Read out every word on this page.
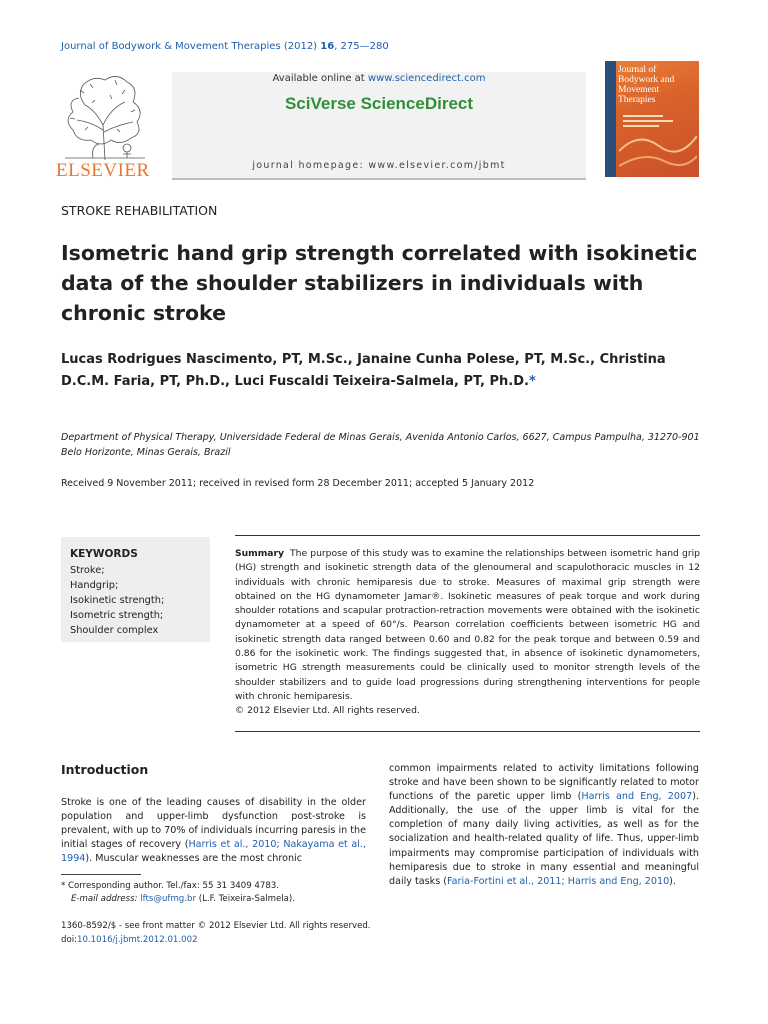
Journal of Bodywork & Movement Therapies (2012) 16, 275—280
ELSEVIER
Available online at www.sciencedirect.com
SciVerse ScienceDirect
journal homepage: www.elsevier.com/jbmt
Journal of Bodywork and Movement Therapies
STROKE REHABILITATION
Isometric hand grip strength correlated with isokinetic data of the shoulder stabilizers in individuals with chronic stroke
Lucas Rodrigues Nascimento, PT, M.Sc., Janaine Cunha Polese, PT, M.Sc., Christina D.C.M. Faria, PT, Ph.D., Luci Fuscaldi Teixeira-Salmela, PT, Ph.D.*
Department of Physical Therapy, Universidade Federal de Minas Gerais, Avenida Antonio Carlos, 6627, Campus Pampulha, 31270-901 Belo Horizonte, Minas Gerais, Brazil
Received 9 November 2011; received in revised form 28 December 2011; accepted 5 January 2012
KEYWORDS
Stroke;
Handgrip;
Isokinetic strength;
Isometric strength;
Shoulder complex
Summary The purpose of this study was to examine the relationships between isometric hand grip (HG) strength and isokinetic strength data of the glenoumeral and scapulothoracic muscles in 12 individuals with chronic hemiparesis due to stroke. Measures of maximal grip strength were obtained on the HG dynamometer Jamar®. Isokinetic measures of peak torque and work during shoulder rotations and scapular protraction-retraction movements were obtained with the isokinetic dynamometer at a speed of 60°/s. Pearson correlation coefficients between isometric HG and isokinetic strength data ranged between 0.60 and 0.82 for the peak torque and between 0.59 and 0.86 for the isokinetic work. The findings suggested that, in absence of isokinetic dynamometers, isometric HG strength measurements could be clinically used to monitor strength levels of the shoulder stabilizers and to guide load progressions during strengthening interventions for people with chronic hemiparesis.
© 2012 Elsevier Ltd. All rights reserved.
Introduction
Stroke is one of the leading causes of disability in the older population and upper-limb dysfunction post-stroke is prevalent, with up to 70% of individuals incurring paresis in the initial stages of recovery (Harris et al., 2010; Nakayama et al., 1994). Muscular weaknesses are the most chronic
common impairments related to activity limitations following stroke and have been shown to be significantly related to motor functions of the paretic upper limb (Harris and Eng, 2007). Additionally, the use of the upper limb is vital for the completion of many daily living activities, as well as for the socialization and health-related quality of life. Thus, upper-limb impairments may compromise participation of individuals with hemiparesis due to stroke in many essential and meaningful daily tasks (Faria-Fortini et al., 2011; Harris and Eng, 2010).
* Corresponding author. Tel./fax: 55 31 3409 4783.
E-mail address: lfts@ufmg.br (L.F. Teixeira-Salmela).
1360-8592/$ - see front matter © 2012 Elsevier Ltd. All rights reserved.
doi:10.1016/j.jbmt.2012.01.002
